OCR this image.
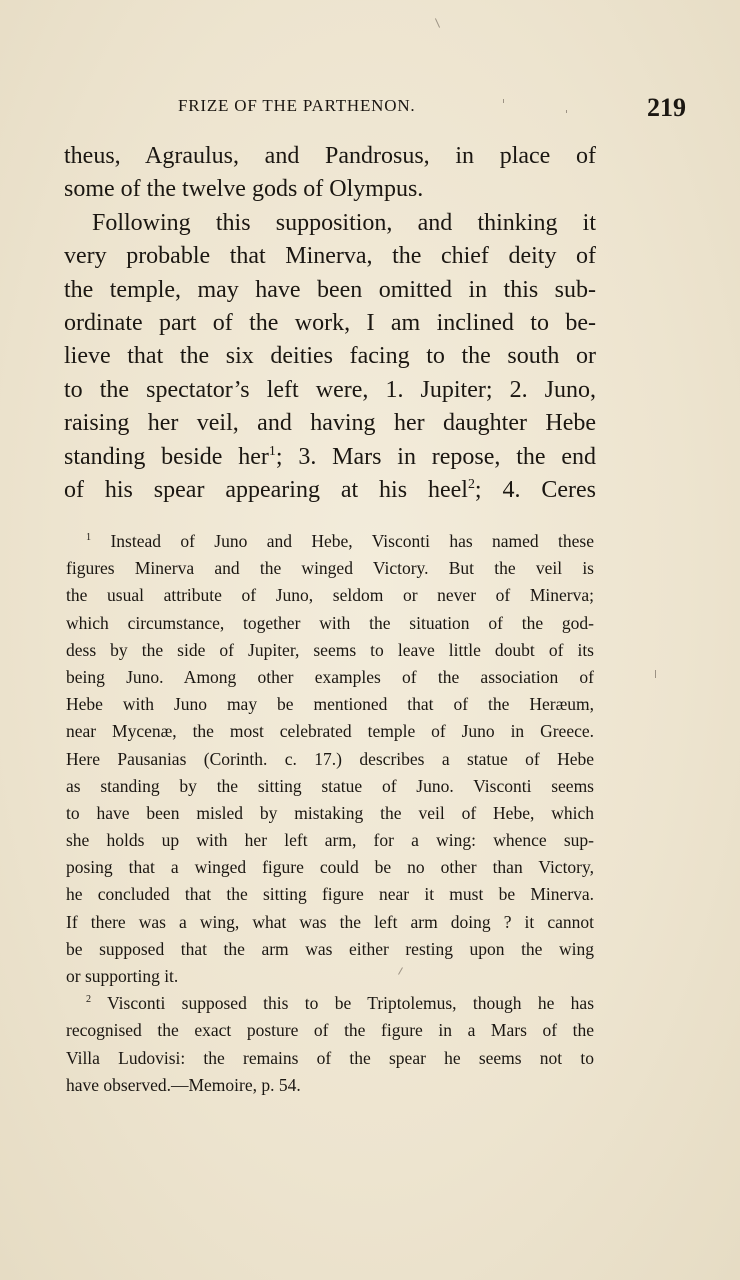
FRIZE OF THE PARTHENON.	219
theus, Agraulus, and Pandrosus, in place of
some of the twelve gods of Olympus.
Following this supposition, and thinking it
very probable that Minerva, the chief deity of
the temple, may have been omitted in this sub-
ordinate part of the work, I am inclined to be-
lieve that the six deities facing to the south or
to the spectator’s left were, 1. Jupiter; 2. Juno,
raising her veil, and having her daughter Hebe
standing beside her$^1$; 3. Mars in repose, the end
of his spear appearing at his heel$^2$; 4. Ceres
$^1$ Instead of Juno and Hebe, Visconti has named these
figures Minerva and the winged Victory. But the veil is
the usual attribute of Juno, seldom or never of Minerva;
which circumstance, together with the situation of the god-
dess by the side of Jupiter, seems to leave little doubt of its
being Juno. Among other examples of the association of
Hebe with Juno may be mentioned that of the Heræum,
near Mycenæ, the most celebrated temple of Juno in Greece.
Here Pausanias (Corinth. c. 17.) describes a statue of Hebe
as standing by the sitting statue of Juno. Visconti seems
to have been misled by mistaking the veil of Hebe, which
she holds up with her left arm, for a wing: whence sup-
posing that a winged figure could be no other than Victory,
he concluded that the sitting figure near it must be Minerva.
If there was a wing, what was the left arm doing ? it cannot
be supposed that the arm was either resting upon the wing
or supporting it.
$^2$ Visconti supposed this to be Triptolemus, though he has
recognised the exact posture of the figure in a Mars of the
Villa Ludovisi: the remains of the spear he seems not to
have observed.—Memoire, p. 54.
